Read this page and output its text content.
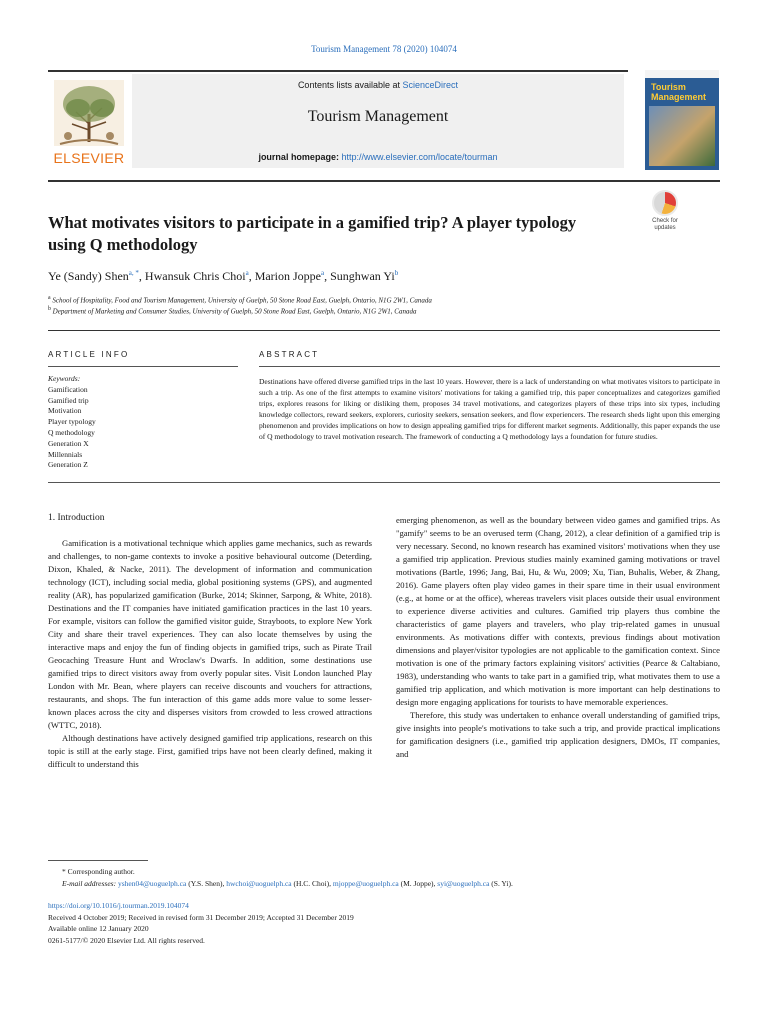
Tourism Management 78 (2020) 104074
ELSEVIER
Contents lists available at ScienceDirect
Tourism Management
journal homepage: http://www.elsevier.com/locate/tourman
Tourism
Management
What motivates visitors to participate in a gamified trip? A player typology
using Q methodology
Check for
updates
Ye (Sandy) Shen$^{a, *}$, Hwansuk Chris Choi$^a$, Marion Joppe$^a$, Sunghwan Yi$^b$
$^a$ School of Hospitality, Food and Tourism Management, University of Guelph, 50 Stone Road East, Guelph, Ontario, N1G 2W1, Canada
$^b$ Department of Marketing and Consumer Studies, University of Guelph, 50 Stone Road East, Guelph, Ontario, N1G 2W1, Canada
ARTICLE INFO	ABSTRACT
Keywords:
Gamification
Gamified trip
Motivation
Player typology
Q methodology
Generation X
Millennials
Generation Z
Destinations have offered diverse gamified trips in the last 10 years. However, there is a lack of understanding on what motivates visitors to participate in such a trip. As one of the first attempts to examine visitors' motivations for taking a gamified trip, this paper conceptualizes and categorizes gamified trips, explores reasons for liking or disliking them, proposes 34 travel motivations, and categorizes players of these trips into six types, including knowledge collectors, reward seekers, explorers, curiosity seekers, sensation seekers, and flow experiencers. The research sheds light upon this emerging phenomenon and provides implications on how to design appealing gamified trips for different market segments. Additionally, this paper expands the use of Q methodology to travel motivation research. The framework of conducting a Q methodology lays a foundation for future studies.

1. Introduction

Gamification is a motivational technique which applies game mechanics, such as rewards and challenges, to non-game contexts to invoke a positive behavioural outcome (Deterding, Dixon, Khaled, & Nacke, 2011). The development of information and communication technology (ICT), including social media, global positioning systems (GPS), and augmented reality (AR), has popularized gamification (Burke, 2014; Skinner, Sarpong, & White, 2018). Destinations and the IT companies have initiated gamification practices in the last 10 years. For example, visitors can follow the gamified visitor guide, Strayboots, to explore New York City and share their travel experiences. They can also locate themselves by using the interactive maps and enjoy the fun of finding objects in gamified trips, such as Pirate Trail Geocaching Treasure Hunt and Wroclaw's Dwarfs. In addition, some destinations use gamified trips to direct visitors away from overly popular sites. Visit London launched Play London with Mr. Bean, where players can receive discounts and vouchers for attractions, restaurants, and shops. The fun interaction of this game adds more value to some lesser-known places across the city and disperses visitors from crowded to less crowed attractions (WTTC, 2018).

Although destinations have actively designed gamified trip applications, research on this topic is still at the early stage. First, gamified trips have not been clearly defined, making it difficult to understand this

emerging phenomenon, as well as the boundary between video games and gamified trips. As "gamify" seems to be an overused term (Chang, 2012), a clear definition of a gamified trip is very necessary. Second, no known research has examined visitors' motivations when they use a gamified trip application. Previous studies mainly examined gaming motivations or travel motivations (Bartle, 1996; Jang, Bai, Hu, & Wu, 2009; Xu, Tian, Buhalis, Weber, & Zhang, 2016). Game players often play video games in their spare time in their usual environment (e.g., at home or at the office), whereas travelers visit places outside their usual environment to experience diverse activities and cultures. Gamified trip players thus combine the characteristics of game players and travelers, who play trip-related games in unusual environments. As motivations differ with contexts, previous findings about motivation dimensions and player/visitor typologies are not applicable to the gamification context. Since motivation is one of the primary factors explaining visitors' activities (Pearce & Caltabiano, 1983), understanding who wants to take part in a gamified trip, what motivates them to use a gamified trip application, and which motivation is more important can help destinations to design more engaging applications for tourists to have memorable experiences.

Therefore, this study was undertaken to enhance overall understanding of gamified trips, give insights into people's motivations to take such a trip, and provide practical implications for gamification designers (i.e., gamified trip application designers, DMOs, IT companies, and

* Corresponding author.
E-mail addresses: yshen04@uoguelph.ca (Y.S. Shen), hwchoi@uoguelph.ca (H.C. Choi), mjoppe@uoguelph.ca (M. Joppe), syi@uoguelph.ca (S. Yi).
https://doi.org/10.1016/j.tourman.2019.104074
Received 4 October 2019; Received in revised form 31 December 2019; Accepted 31 December 2019
Available online 12 January 2020
0261-5177/© 2020 Elsevier Ltd. All rights reserved.
